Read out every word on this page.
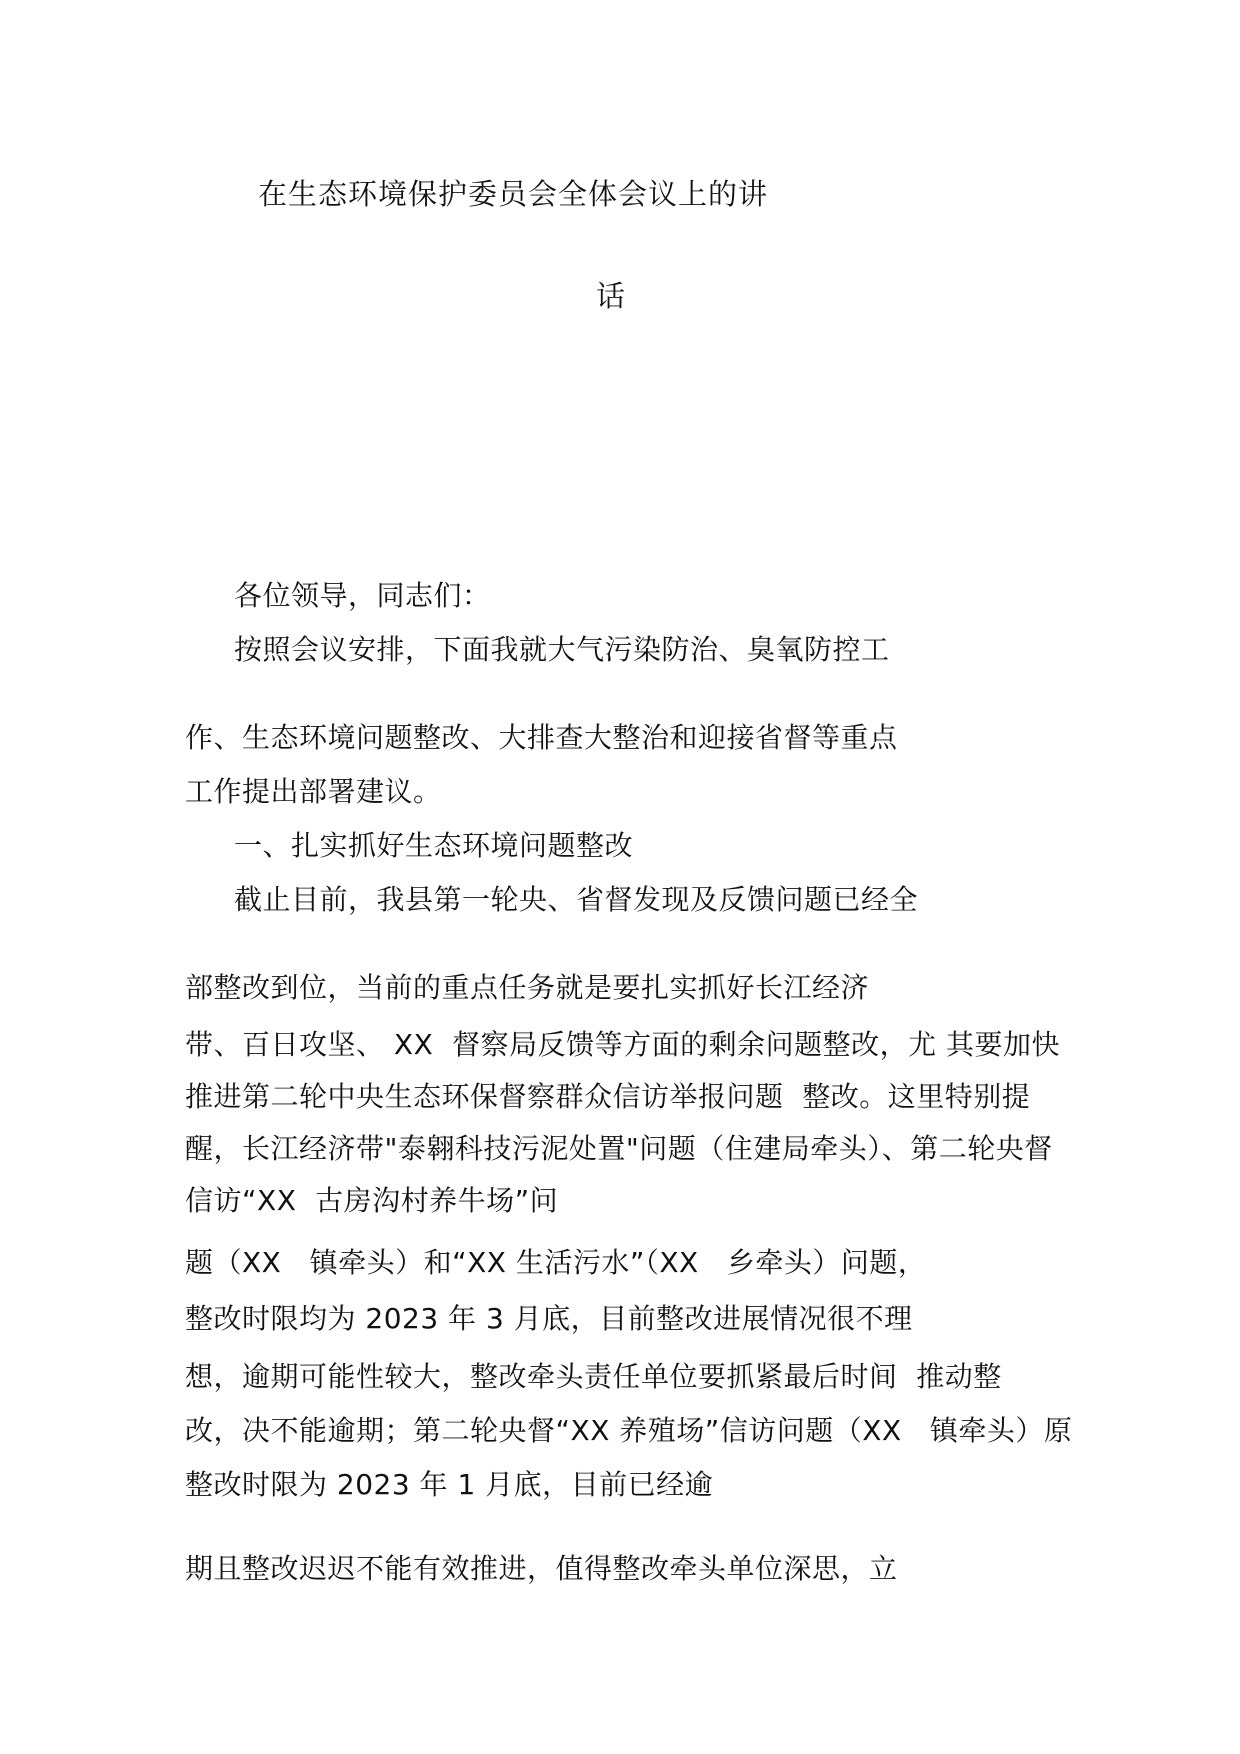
在生态环境保护委员会全体会议上的讲
话
各位领导，同志们：
按照会议安排，下面我就大气污染防治、臭氧防控工
作、生态环境问题整改、大排查大整治和迎接省督等重点
工作提出部署建议。
一、扎实抓好生态环境问题整改
截止目前，我县第一轮央、省督发现及反馈问题已经全
部整改到位，当前的重点任务就是要扎实抓好长江经济
带、百日攻坚、 XX  督察局反馈等方面的剩余问题整改，尤 其要加快
推进第二轮中央生态环保督察群众信访举报问题  整改。这里特别提
醒，长江经济带"泰翱科技污泥处置"问题（住建局牵头）、第二轮央督
信访“XX  古房沟村养牛场”问
题（XX   镇牵头）和“XX 生活污水”（XX   乡牵头）问题，
整改时限均为 2023 年 3 月底，目前整改进展情况很不理
想，逾期可能性较大，整改牵头责任单位要抓紧最后时间  推动整
改，决不能逾期；第二轮央督“XX 养殖场”信访问题（XX   镇牵头）原
整改时限为 2023 年 1 月底，目前已经逾
期且整改迟迟不能有效推进，值得整改牵头单位深思，立
